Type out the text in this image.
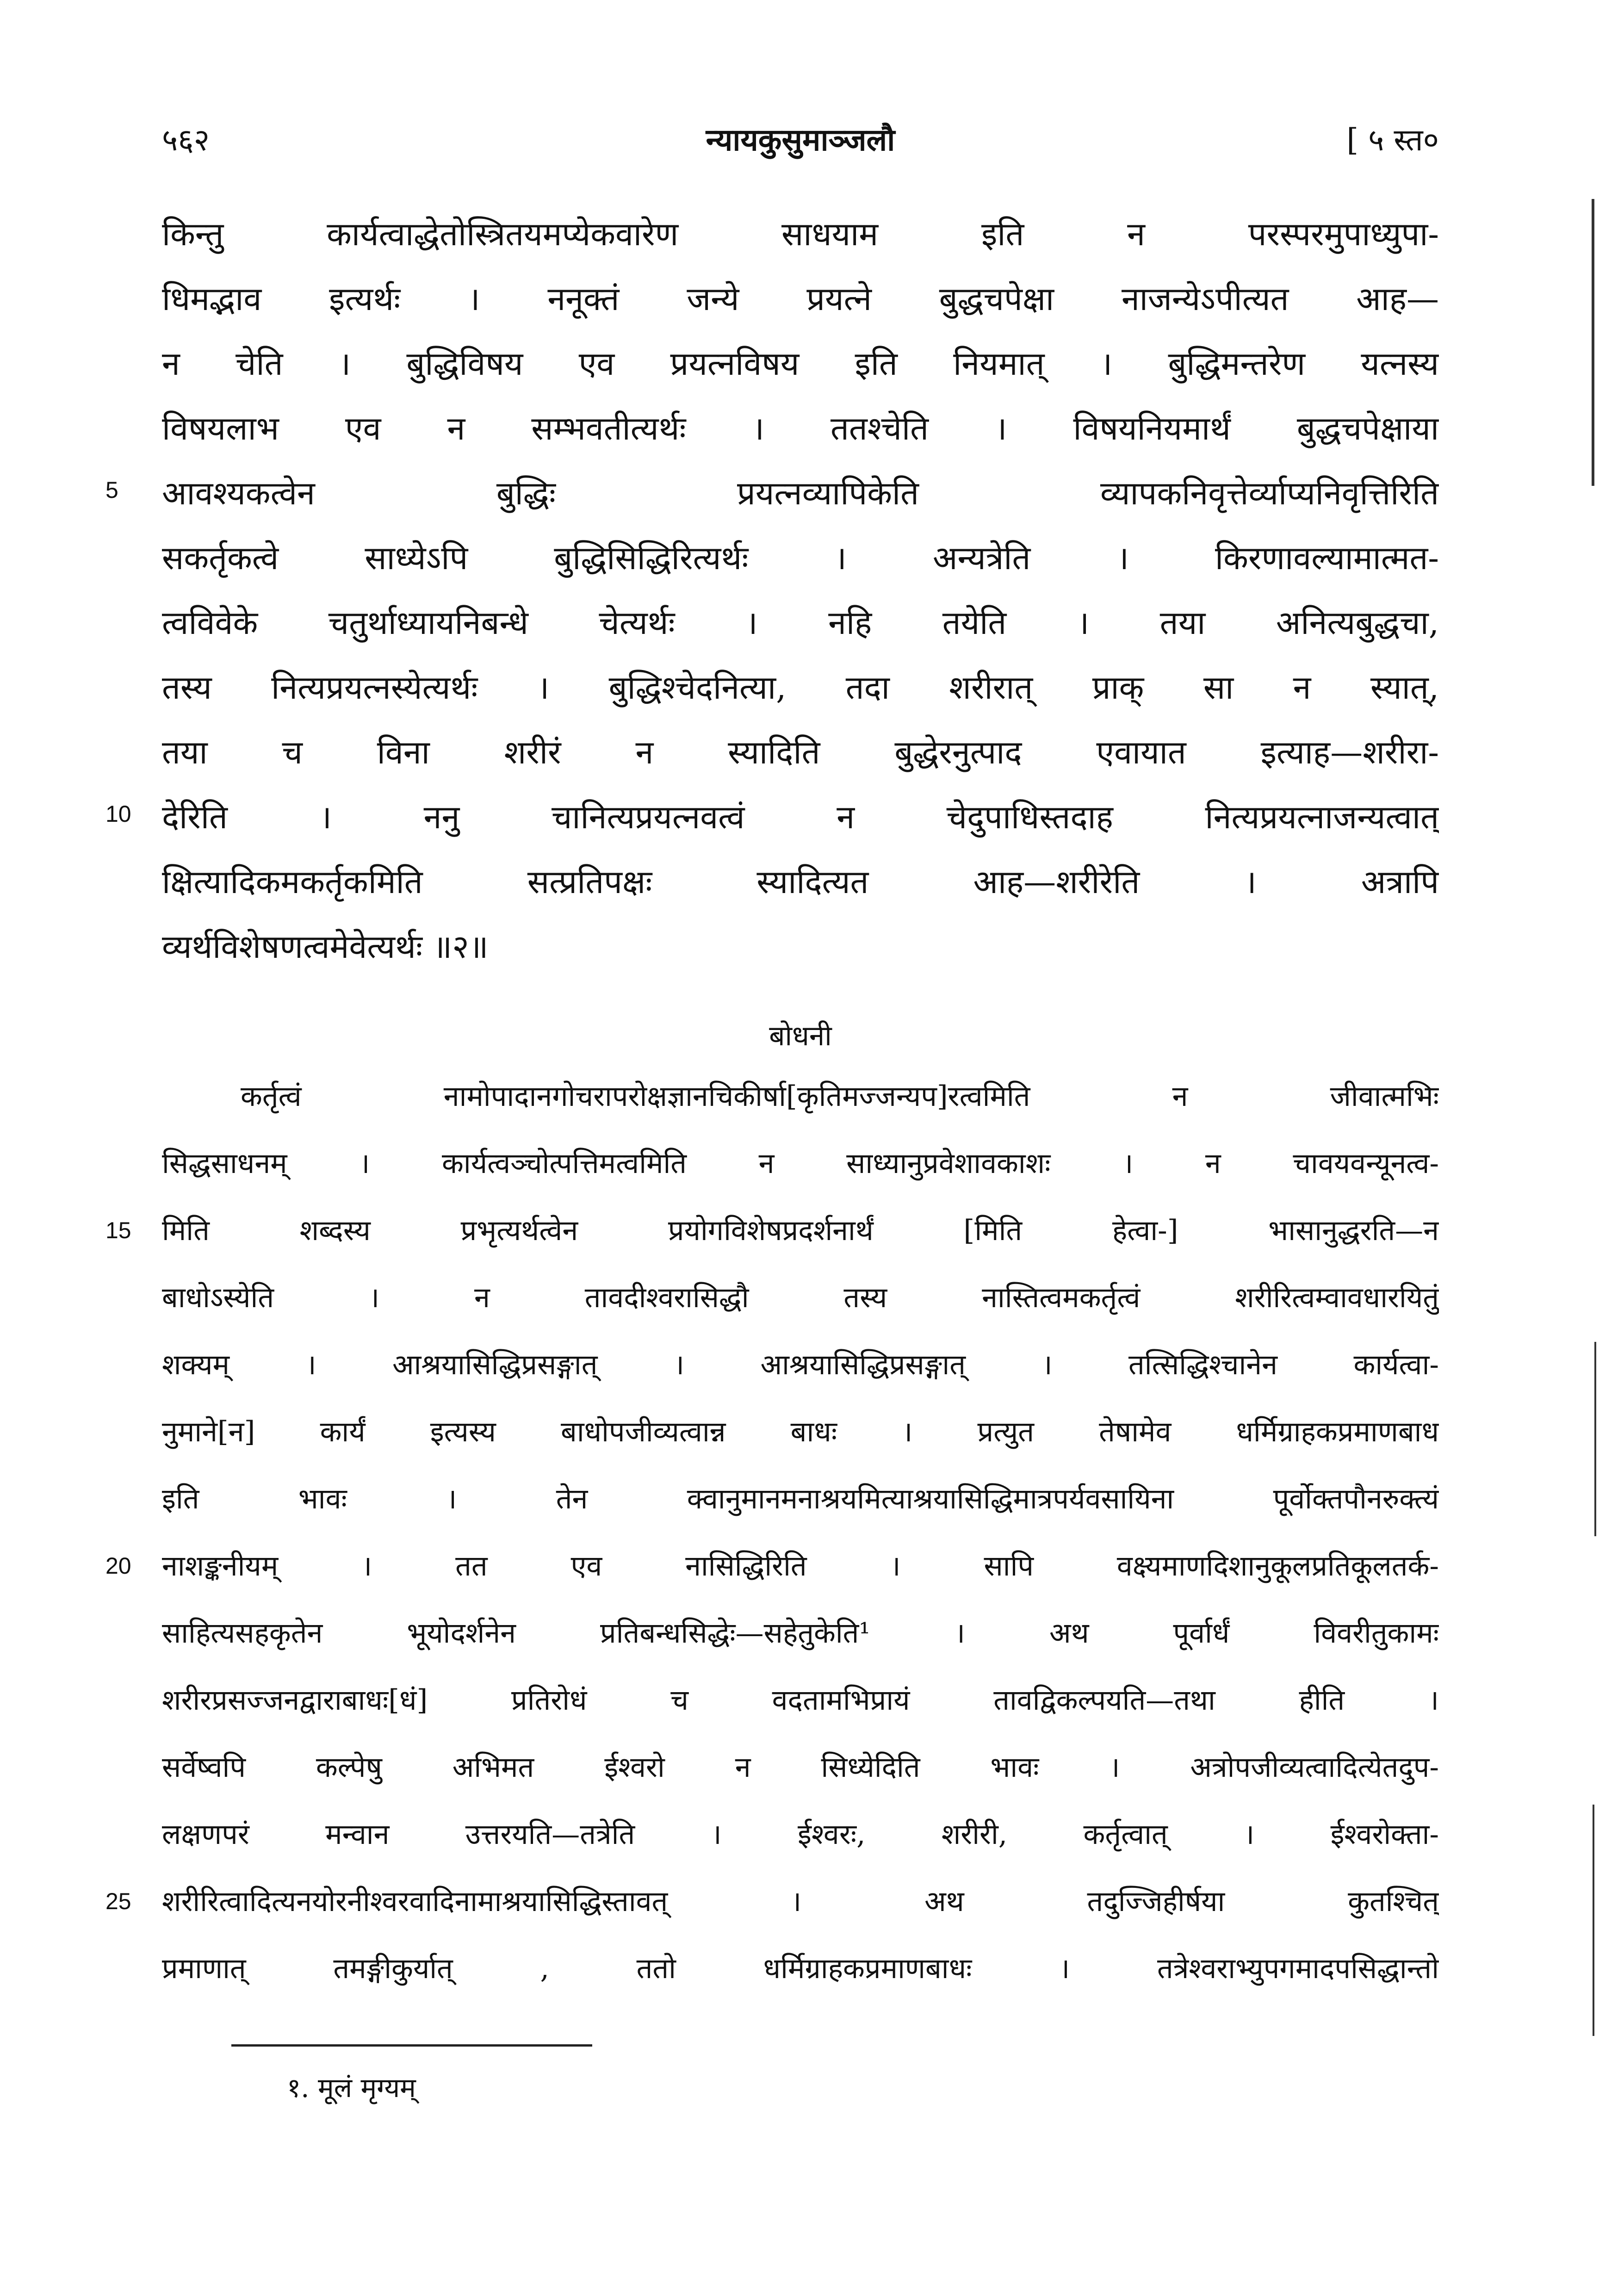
५६२	न्यायकुसुमाञ्जलौ	[ ५ स्त०
किन्तु कार्यत्वाद्धेतोस्त्रितयमप्येकवारेण साधयाम इति न परस्परमुपाध्युपा-
धिमद्भाव इत्यर्थः । ननूक्तं जन्ये प्रयत्ने बुद्धचपेक्षा नाजन्येऽपीत्यत आह—
न चेति । बुद्धिविषय एव प्रयत्नविषय इति नियमात् । बुद्धिमन्तरेण यत्नस्य
विषयलाभ एव न सम्भवतीत्यर्थः । ततश्चेति । विषयनियमार्थं बुद्धचपेक्षाया
5	आवश्यकत्वेन बुद्धिः प्रयत्नव्यापिकेति व्यापकनिवृत्तेर्व्याप्यनिवृत्तिरिति
सकर्तृकत्वे साध्येऽपि बुद्धिसिद्धिरित्यर्थः । अन्यत्रेति । किरणावल्यामात्मत-
त्वविवेके चतुर्थाध्यायनिबन्धे चेत्यर्थः । नहि तयेति । तया अनित्यबुद्धचा,
तस्य नित्यप्रयत्नस्येत्यर्थः । बुद्धिश्चेदनित्या, तदा शरीरात् प्राक् सा न स्यात्,
तया च विना शरीरं न स्यादिति बुद्धेरनुत्पाद एवायात इत्याह—शरीरा-
10 देरिति । ननु चानित्यप्रयत्नवत्वं न चेदुपाधिस्तदाह नित्यप्रयत्नाजन्यत्वात्
क्षित्यादिकमकर्तृकमिति सत्प्रतिपक्षः स्यादित्यत आह—शरीरेति । अत्रापि
व्यर्थविशेषणत्वमेवेत्यर्थः ॥२॥
बोधनी
कर्तृत्वं नामोपादानगोचरापरोक्षज्ञानचिकीर्षा[कृतिमज्जन्यप]रत्वमिति न जीवात्मभिः
सिद्धसाधनम् । कार्यत्वञ्चोत्पत्तिमत्वमिति न साध्यानुप्रवेशावकाशः । न चावयवन्यूनत्व-
15	मिति शब्दस्य प्रभृत्यर्थत्वेन प्रयोगविशेषप्रदर्शनार्थं [मिति हेत्वा-] भासानुद्धरति—न
बाधोऽस्येति । न तावदीश्वरासिद्धौ तस्य नास्तित्वमकर्तृत्वं शरीरित्वम्वावधारयितुं
शक्यम् । आश्रयासिद्धिप्रसङ्गात् । आश्रयासिद्धिप्रसङ्गात् । तत्सिद्धिश्चानेन कार्यत्वा-
नुमाने[न] कार्यं इत्यस्य बाधोपजीव्यत्वान्न बाधः । प्रत्युत तेषामेव धर्मिग्राहकप्रमाणबाध
इति भावः । तेन क्वानुमानमनाश्रयमित्याश्रयासिद्धिमात्रपर्यवसायिना पूर्वोक्तपौनरुक्त्यं
20	नाशङ्कनीयम् । तत एव नासिद्धिरिति । सापि वक्ष्यमाणदिशानुकूलप्रतिकूलतर्क-
साहित्यसहकृतेन भूयोदर्शनेन प्रतिबन्धसिद्धेः—सहेतुकेति¹ । अथ पूर्वार्धं विवरीतुकामः
शरीरप्रसज्जनद्वाराबाधः[धं] प्रतिरोधं च वदतामभिप्रायं तावद्विकल्पयति—तथा हीति ।
सर्वेष्वपि कल्पेषु अभिमत ईश्वरो न सिध्येदिति भावः । अत्रोपजीव्यत्वादित्येतदुप-
लक्षणपरं मन्वान उत्तरयति—तत्रेति । ईश्वरः, शरीरी, कर्तृत्वात् । ईश्वरोक्ता-
25	शरीरित्वादित्यनयोरनीश्वरवादिनामाश्रयासिद्धिस्तावत् । अथ तदुज्जिहीर्षया कुतश्चित्
प्रमाणात् तमङ्गीकुर्यात् , ततो धर्मिग्राहकप्रमाणबाधः । तत्रेश्वराभ्युपगमादपसिद्धान्तो
१. मूलं मृग्यम्
